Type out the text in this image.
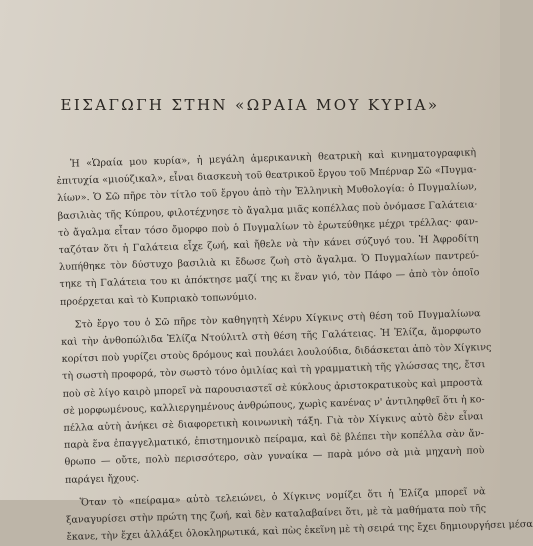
ΕΙΣΑΓΩΓΗ ΣΤΗΝ «ΩΡΑΙΑ ΜΟΥ ΚΥΡΙΑ»
Ἡ «Ὡραία μου κυρία», ἡ μεγάλη ἀμερικανικὴ θεατρικὴ καὶ κινηματογραφικὴ
ἐπιτυχία «μιούζικαλ», εἶναι διασκευὴ τοῦ θεατρικοῦ ἔργου τοῦ Μπέρναρ Σῶ «Πυγμα-
λίων». Ὁ Σῶ πῆρε τὸν τίτλο τοῦ ἔργου ἀπὸ τὴν Ἑλληνικὴ Μυθολογία: ὁ Πυγμαλίων,
βασιλιὰς τῆς Κύπρου, φιλοτέχνησε τὸ ἄγαλμα μιᾶς κοπέλλας ποὺ ὀνόμασε Γαλάτεια·
τὸ ἄγαλμα εἶταν τόσο ὄμορφο ποὺ ὁ Πυγμαλίων τὸ ἐρωτεύθηκε μέχρι τρέλλας· φαν-
ταζόταν ὅτι ἡ Γαλάτεια εἶχε ζωή, καὶ ἤθελε νὰ τὴν κάνει σύζυγό του. Ἡ Ἀφροδίτη
λυπήθηκε τὸν δύστυχο βασιλιὰ κι ἔδωσε ζωὴ στὸ ἄγαλμα. Ὁ Πυγμαλίων παντρεύ-
τηκε τὴ Γαλάτεια του κι ἀπόκτησε μαζί της κι ἕναν γιό, τὸν Πάφο — ἀπὸ τὸν ὁποῖο
προέρχεται καὶ τὸ Κυπριακὸ τοπωνύμιο.
Στὸ ἔργο του ὁ Σῶ πῆρε τὸν καθηγητὴ Χένρυ Χίγκινς στὴ θέση τοῦ Πυγμαλίωνα
καὶ τὴν ἀνθοπώλιδα Ἐλίζα Ντούλιτλ στὴ θέση τῆς Γαλάτειας. Ἡ Ἐλίζα, ἄμορφωτο
κορίτσι ποὺ γυρίζει στοὺς δρόμους καὶ πουλάει λουλούδια, διδάσκεται ἀπὸ τὸν Χίγκινς
τὴ σωστὴ προφορά, τὸν σωστὸ τόνο ὁμιλίας καὶ τὴ γραμματικὴ τῆς γλώσσας της, ἔτσι
ποὺ σὲ λίγο καιρὸ μπορεῖ νὰ παρουσιαστεῖ σὲ κύκλους ἀριστοκρατικοὺς καὶ μπροστὰ
σὲ μορφωμένους, καλλιεργημένους ἀνθρώπους, χωρὶς κανένας ν' ἀντιληφθεῖ ὅτι ἡ κο-
πέλλα αὐτὴ ἀνήκει σὲ διαφορετικὴ κοινωνικὴ τάξη. Γιὰ τὸν Χίγκινς αὐτὸ δὲν εἶναι
παρὰ ἕνα ἐπαγγελματικό, ἐπιστημονικὸ πείραμα, καὶ δὲ βλέπει τὴν κοπέλλα σὰν ἄν-
θρωπο — οὔτε, πολὺ περισσότερο, σὰν γυναίκα — παρὰ μόνο σὰ μιὰ μηχανὴ ποὺ
παράγει ἤχους.
Ὅταν τὸ «πείραμα» αὐτὸ τελειώνει, ὁ Χίγκινς νομίζει ὅτι ἡ Ἐλίζα μπορεῖ νὰ
ξαναγυρίσει στὴν πρώτη της ζωή, καὶ δὲν καταλαβαίνει ὅτι, μὲ τὰ μαθήματα ποὺ τῆς
ἔκανε, τὴν ἔχει ἀλλάξει ὁλοκληρωτικά, καὶ πὼς ἐκεῖνη μὲ τὴ σειρά της ἔχει δημιουργήσει μέσα
